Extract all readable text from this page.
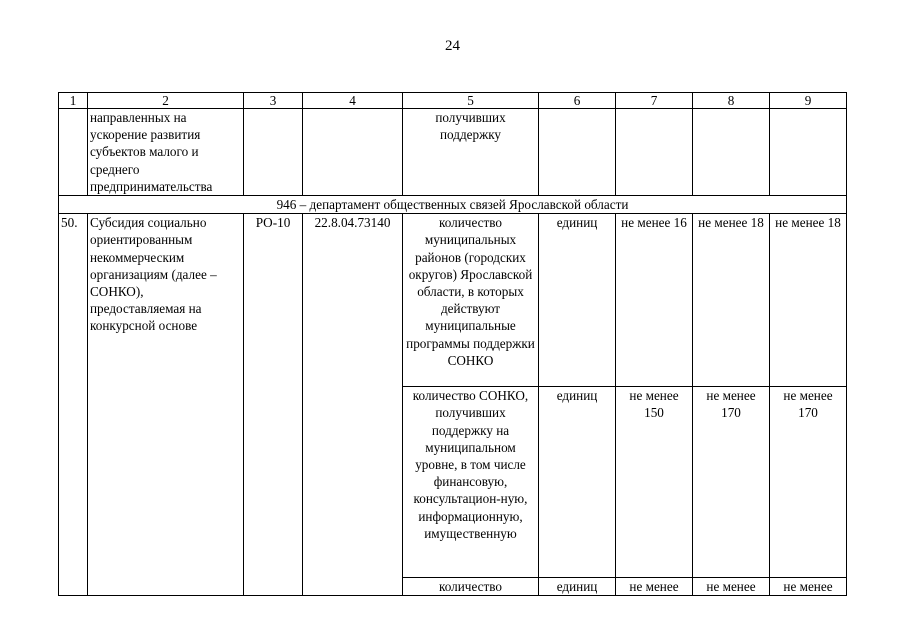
24
1	2	3	4	5	6	7	8	9
	направленных на ускорение развития субъектов малого и среднего предпринимательства			получивших поддержку				
946 – департамент общественных связей Ярославской области								
50.	Субсидия социально ориентированным некоммерческим организациям (далее – СОНКО), предоставляемая на конкурсной основе	РО-10	22.8.04.73140	количество муниципальных районов (городских округов) Ярославской области, в которых действуют муниципальные программы поддержки СОНКО	единиц	не менее 16	не менее 18	не менее 18
				количество СОНКО, получивших поддержку на муниципальном уровне, в том числе финансовую, консультацион-ную, информационную, имущественную	единиц	не менее 150	не менее 170	не менее 170
				количество	единиц	не менее	не менее	не менее
